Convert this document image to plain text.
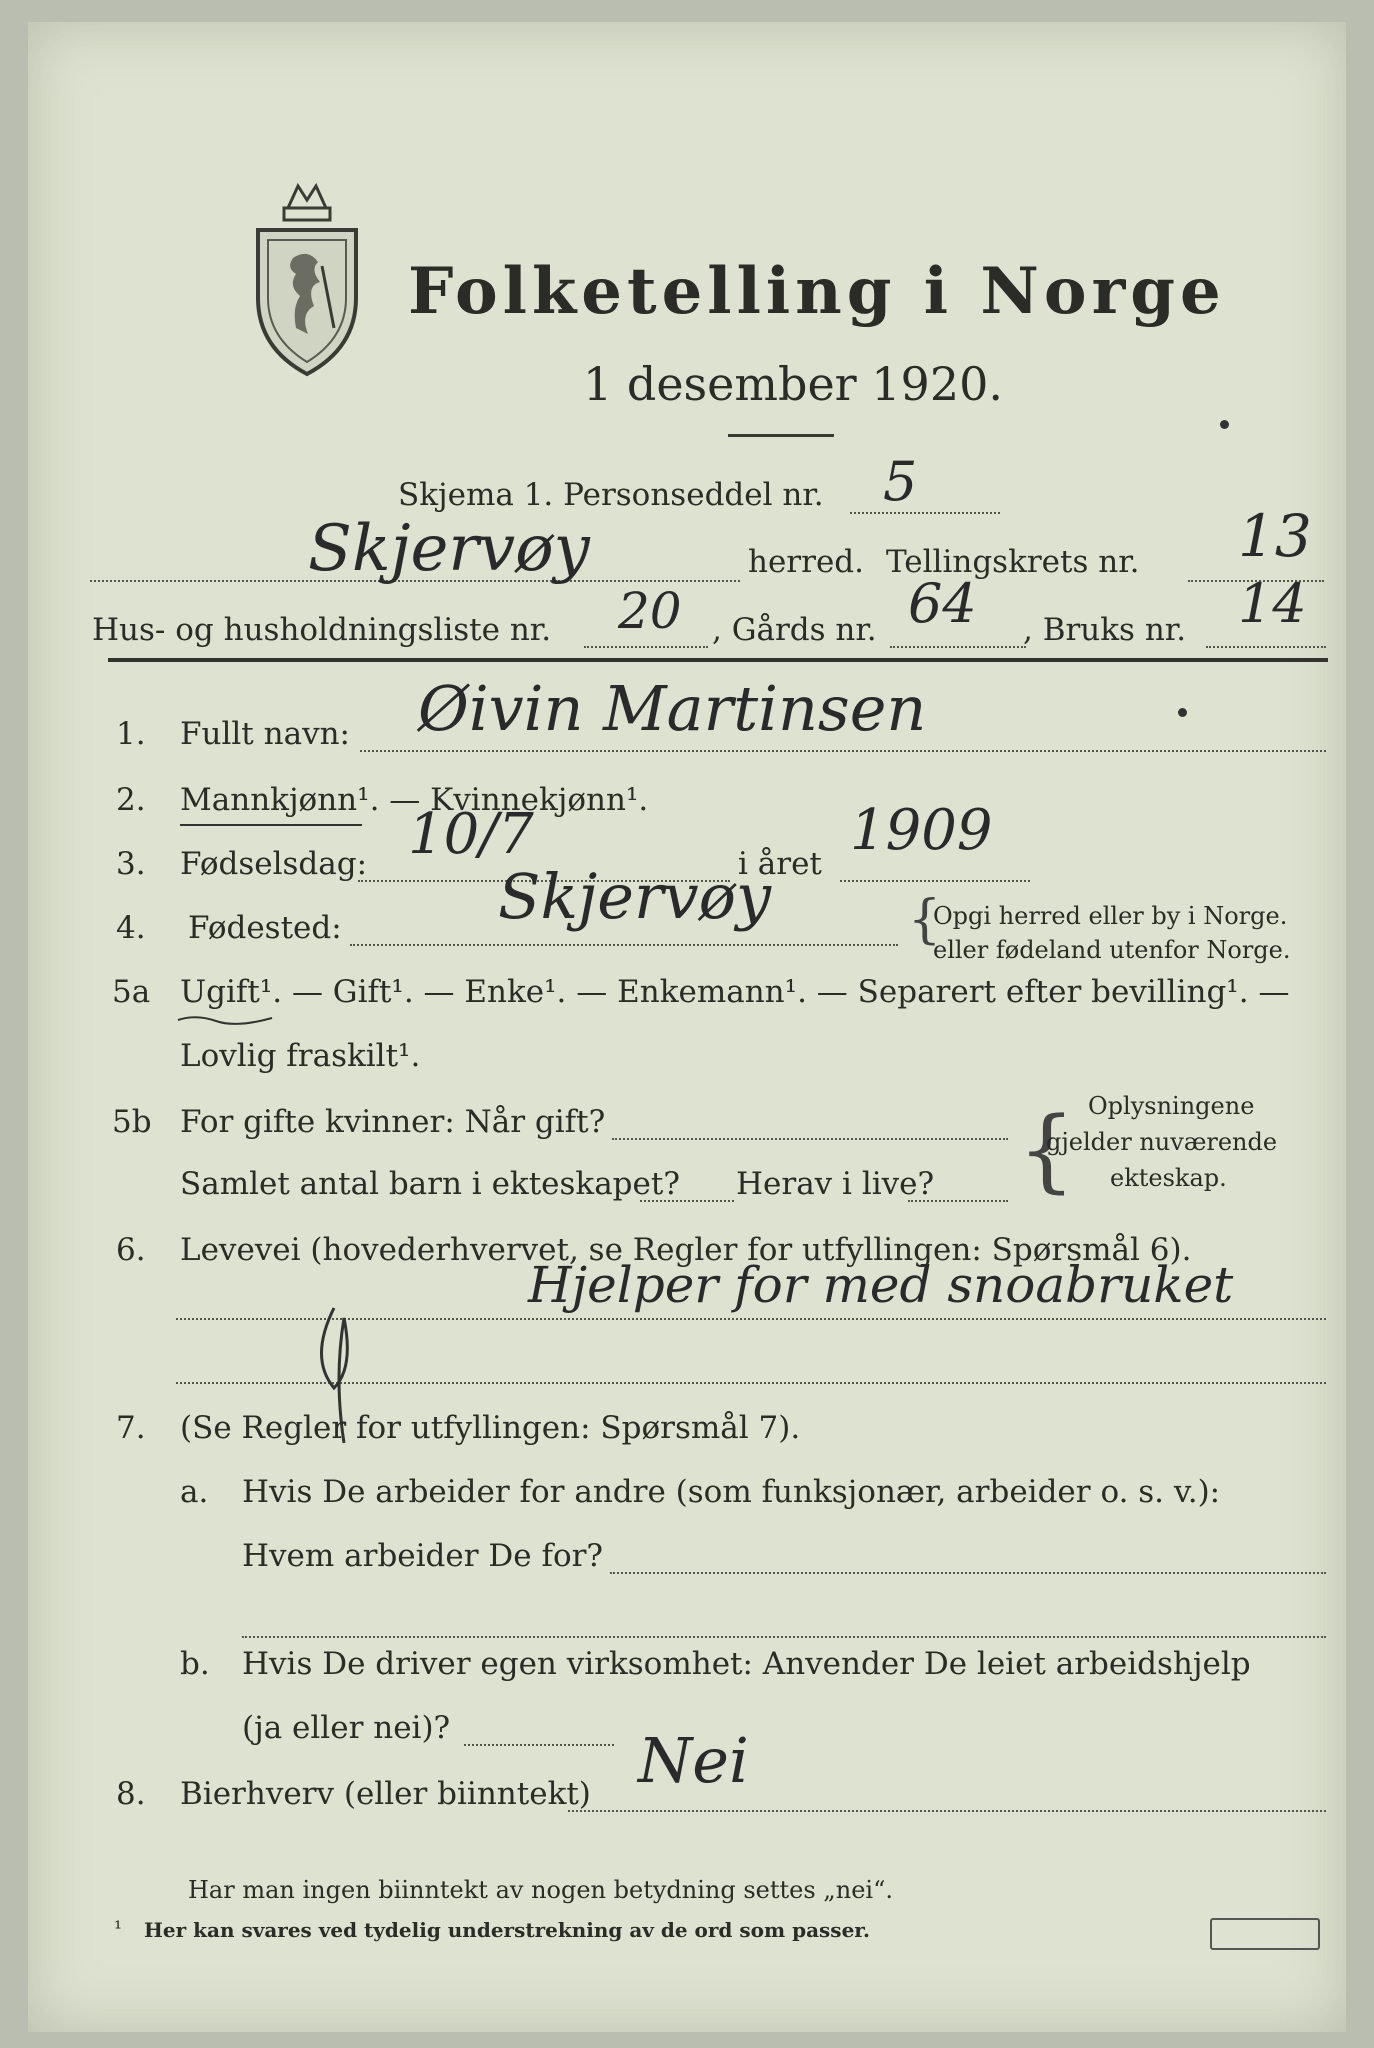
Folketelling i Norge
1 desember 1920.
Skjema 1. Personseddel nr. 5
Skjervøy	herred. Tellingskrets nr. 13
Hus- og husholdningsliste nr. 20 , Gårds nr. 64 , Bruks nr. 14
1. Fullt navn: Øivin Martinsen
2. Mannkjønn¹. — Kvinnekjønn¹.
3. Fødselsdag: 10/7	i året
1909
4. Fødested:	Skjervøy	{
Opgi herred eller by i Norge.
eller fødeland utenfor Norge.
5a Ugift¹. — Gift¹. — Enke¹. — Enkemann¹. — Separert efter bevilling¹. —
Lovlig fraskilt¹.
5b For gifte kvinner: Når gift?
Samlet antal barn i ekteskapet? Herav i live? { Oplysningene
gjelder nuværende
ekteskap.
6. Levevei (hovederhvervet, se Regler for utfyllingen: Spørsmål 6).
Hjelper for med snoabruket
7. (Se Regler for utfyllingen: Spørsmål 7).
a. Hvis De arbeider for andre (som funksjonær, arbeider o. s. v.):
Hvem arbeider De for?
b. Hvis De driver egen virksomhet: Anvender De leiet arbeidshjelp
(ja eller nei)?
8. Bierhverv (eller biinntekt) Nei
Har man ingen biinntekt av nogen betydning settes „nei“.
¹ Her kan svares ved tydelig understrekning av de ord som passer.
